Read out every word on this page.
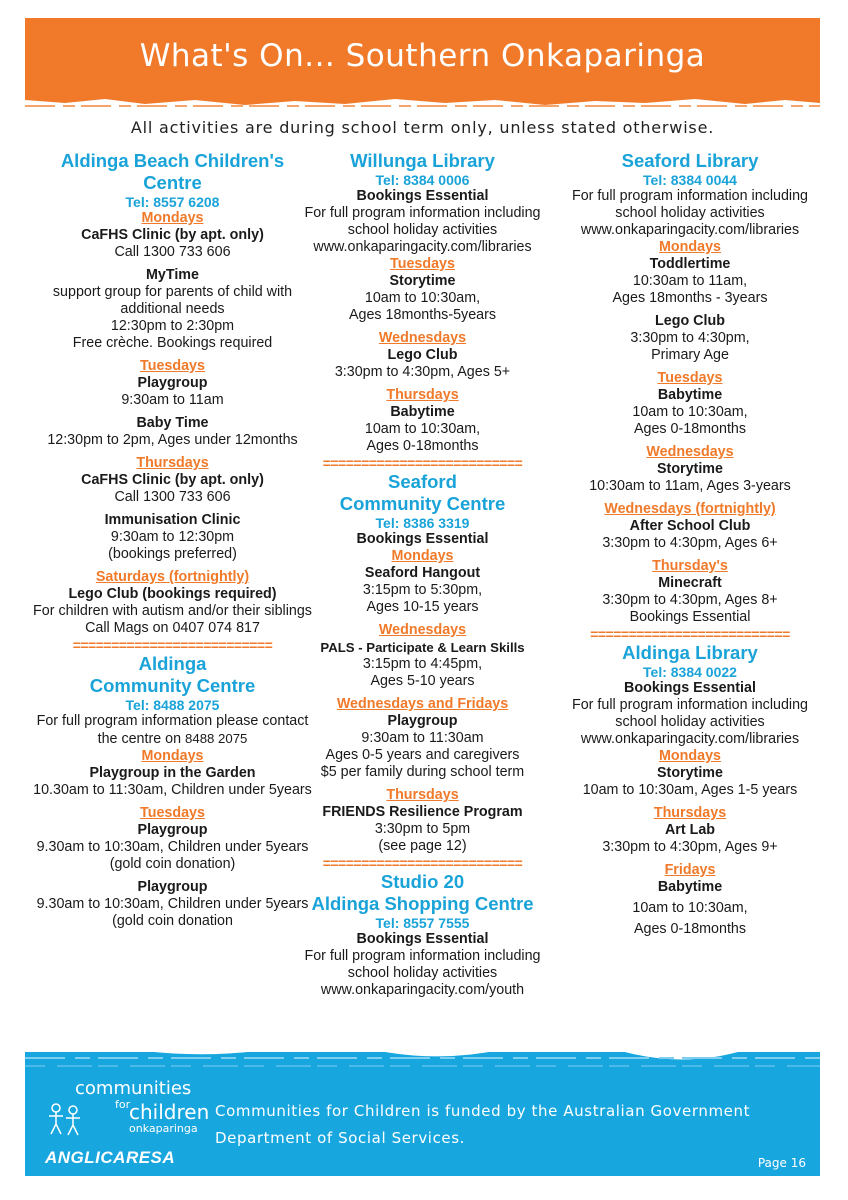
What's On... Southern Onkaparinga
All activities are during school term only, unless stated otherwise.
Aldinga Beach Children's Centre
Tel: 8557 6208
Mondays
CaFHS Clinic (by apt. only)
Call 1300 733 606
MyTime
support group for parents of child with additional needs
12:30pm to 2:30pm
Free crèche. Bookings required
Tuesdays
Playgroup
9:30am to 11am
Baby Time
12:30pm to 2pm, Ages under 12months
Thursdays
CaFHS Clinic (by apt. only)
Call 1300 733 606
Immunisation Clinic
9:30am to 12:30pm
(bookings preferred)
Saturdays (fortnightly)
Lego Club (bookings required)
For children with autism and/or their siblings
Call Mags on 0407 074 817
==========================
Aldinga
Community Centre
Tel: 8488 2075
For full program information please contact the centre on 8488 2075
Mondays
Playgroup in the Garden
10.30am to 11:30am, Children under 5years
Tuesdays
Playgroup
9.30am to 10:30am, Children under 5years (gold coin donation)
Playgroup
9.30am to 10:30am, Children under 5years (gold coin donation
Willunga Library
Tel: 8384 0006
Bookings Essential
For full program information including school holiday activities
www.onkaparingacity.com/libraries
Tuesdays
Storytime
10am to 10:30am,
Ages 18months-5years
Wednesdays
Lego Club
3:30pm to 4:30pm, Ages 5+
Thursdays
Babytime
10am to 10:30am,
Ages 0-18months
==========================
Seaford
Community Centre
Tel: 8386 3319
Bookings Essential
Mondays
Seaford Hangout
3:15pm to 5:30pm,
Ages 10-15 years
Wednesdays
PALS - Participate & Learn Skills
3:15pm to 4:45pm,
Ages 5-10 years
Wednesdays and Fridays
Playgroup
9:30am to 11:30am
Ages 0-5 years and caregivers
$5 per family during school term
Thursdays
FRIENDS Resilience Program
3:30pm to 5pm
(see page 12)
==========================
Studio 20
Aldinga Shopping Centre
Tel: 8557 7555
Bookings Essential
For full program information including school holiday activities
www.onkaparingacity.com/youth
Seaford Library
Tel: 8384 0044
For full program information including school holiday activities
www.onkaparingacity.com/libraries
Mondays
Toddlertime
10:30am to 11am,
Ages 18months - 3years
Lego Club
3:30pm to 4:30pm,
Primary Age
Tuesdays
Babytime
10am to 10:30am,
Ages 0-18months
Wednesdays
Storytime
10:30am to 11am, Ages 3-years
Wednesdays (fortnightly)
After School Club
3:30pm to 4:30pm, Ages 6+
Thursday's
Minecraft
3:30pm to 4:30pm, Ages 8+
Bookings Essential
==========================
Aldinga Library
Tel: 8384 0022
Bookings Essential
For full program information including school holiday activities
www.onkaparingacity.com/libraries
Mondays
Storytime
10am to 10:30am, Ages 1-5 years
Thursdays
Art Lab
3:30pm to 4:30pm, Ages 9+
Fridays
Babytime
10am to 10:30am,
Ages 0-18months
communities
for
children
onkaparinga
ANGLICARESA
Communities for Children is funded by the Australian Government
Department of Social Services.
Page 16
